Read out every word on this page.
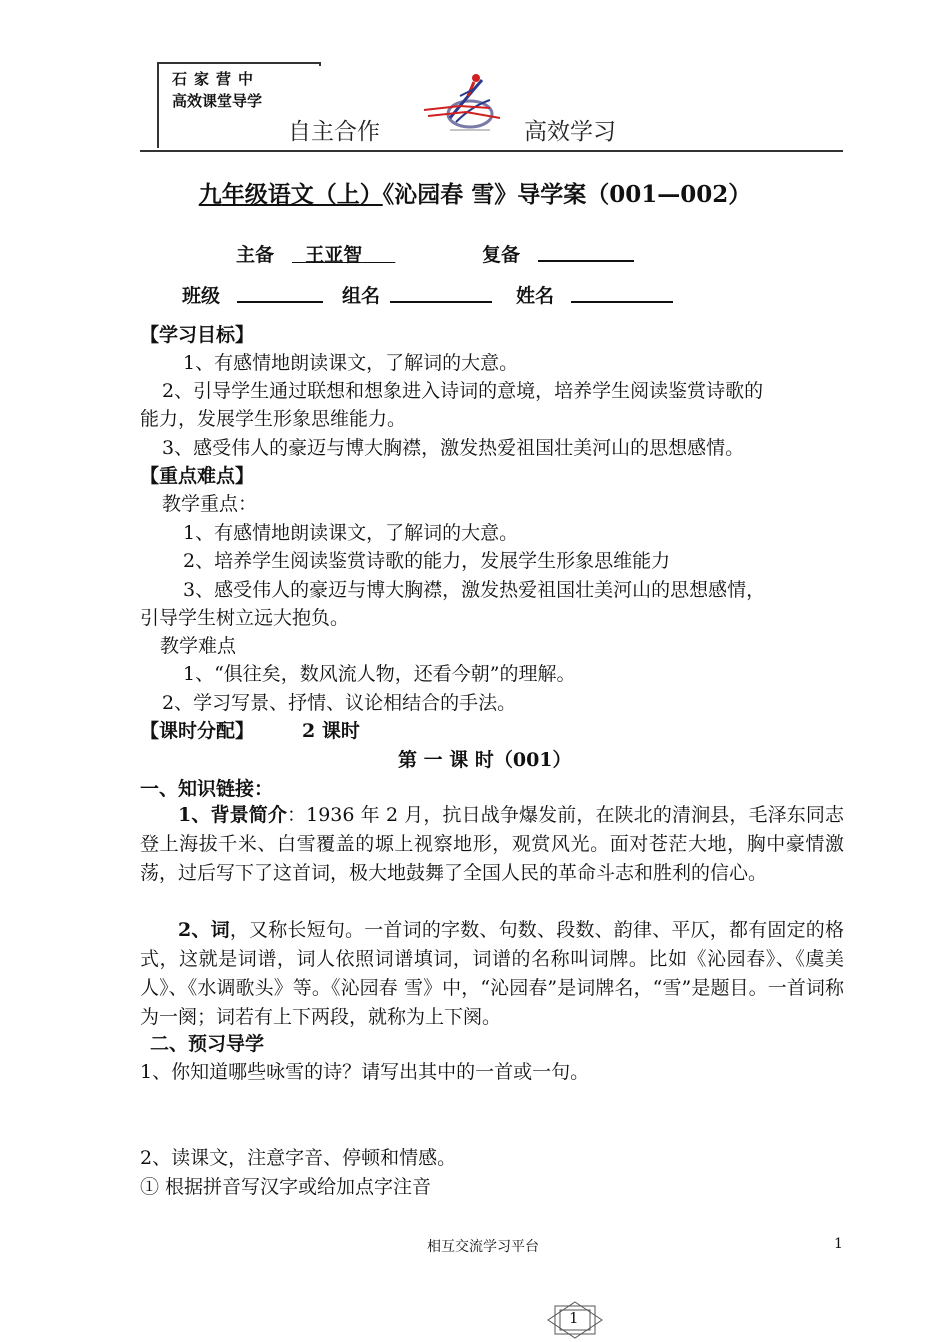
石家营中
高效课堂导学
自主合作	高效学习
九年级语文（上）《沁园春 雪》导学案（001—002）
主备	王亚智	复备
班级	组名	姓名
【学习目标】
1、有感情地朗读课文，了解词的大意。
2、引导学生通过联想和想象进入诗词的意境，培养学生阅读鉴赏诗歌的
能力，发展学生形象思维能力。
3、感受伟人的豪迈与博大胸襟，激发热爱祖国壮美河山的思想感情。
【重点难点】
教学重点：
1、有感情地朗读课文，了解词的大意。
2、培养学生阅读鉴赏诗歌的能力，发展学生形象思维能力
3、感受伟人的豪迈与博大胸襟，激发热爱祖国壮美河山的思想感情，
引导学生树立远大抱负。
教学难点
1、“俱往矣，数风流人物，还看今朝”的理解。
2、学习写景、抒情、议论相结合的手法。
【课时分配】	2 课时
第 一 课 时（001）
一、知识链接：

1、背景简介：1936 年 2 月，抗日战争爆发前，在陕北的清涧县，毛泽东同志登上海拔千米、白雪覆盖的塬上视察地形，观赏风光。面对苍茫大地，胸中豪情激荡，过后写下了这首词，极大地鼓舞了全国人民的革命斗志和胜利的信心。

2、词，又称长短句。一首词的字数、句数、段数、韵律、平仄，都有固定的格式，这就是词谱，词人依照词谱填词，词谱的名称叫词牌。比如《沁园春》、《虞美人》、《水调歌头》等。《沁园春 雪》中，“沁园春”是词牌名，“雪”是题目。一首词称为一阕；词若有上下两段，就称为上下阕。

二、预习导学
1、你知道哪些咏雪的诗？请写出其中的一首或一句。
2、读课文，注意字音、停顿和情感。
① 根据拼音写汉字或给加点字注音
相互交流学习平台	1
1
